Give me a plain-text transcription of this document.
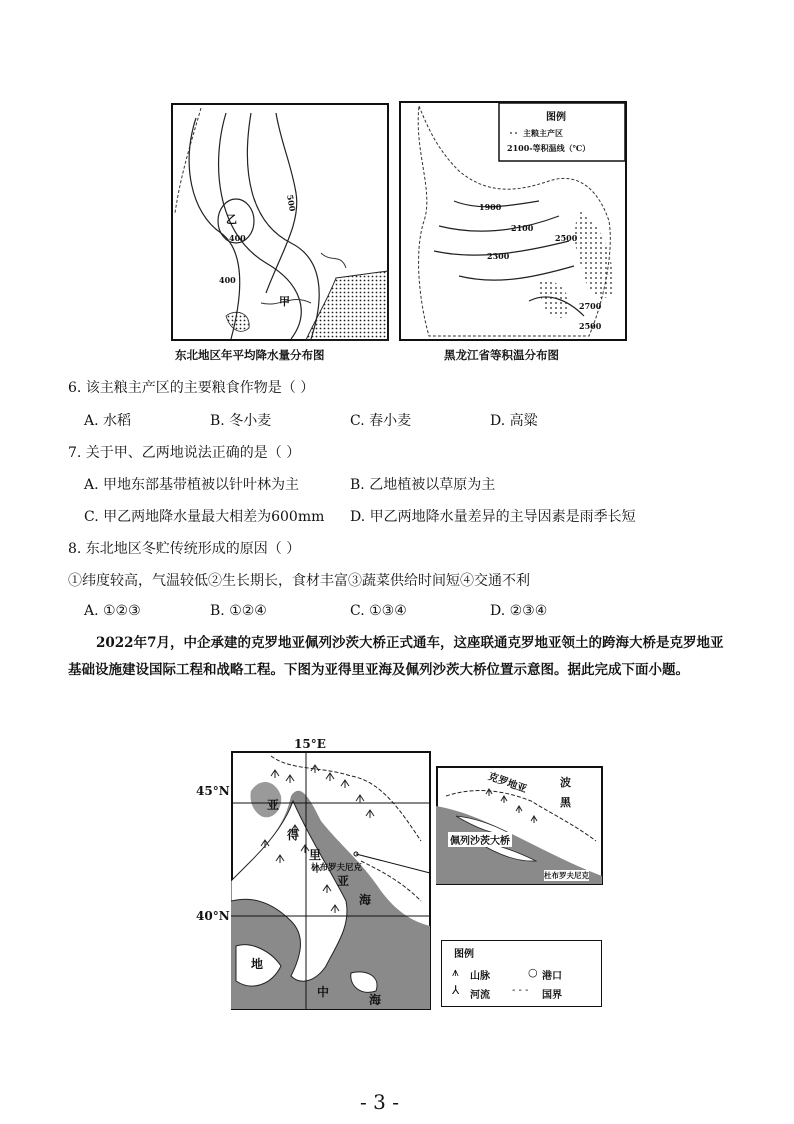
乙
甲
400
400
500
东北地区年平均降水量分布图
图例
主粮主产区
2100-等积温线（℃）
1900
2100
2300
2500
2700
2500
黑龙江省等积温分布图
6. 该主粮主产区的主要粮食作物是（ ）
A. 水稻	B. 冬小麦	C. 春小麦	D. 高粱
7. 关于甲、乙两地说法正确的是（ ）
A. 甲地东部基带植被以针叶林为主	B. 乙地植被以草原为主
C. 甲乙两地降水量最大相差为600mm D. 甲乙两地降水量差异的主导因素是雨季长短
8. 东北地区冬贮传统形成的原因（ ）
①纬度较高，气温较低②生长期长，食材丰富③蔬菜供给时间短④交通不利
A. ①②③	B. ①②④	C. ①③④	D. ②③④
2022年7月，中企承建的克罗地亚佩列沙茨大桥正式通车，这座联通克罗地亚领土的跨海大桥是克罗地亚基础设施建设国际工程和战略工程。下图为亚得里亚海及佩列沙茨大桥位置示意图。据此完成下面小题。
15°E
45°N
40°N
亚
得
里
杜布罗夫尼克
亚
海
地
中
海
克罗地亚	波
黑
佩列沙茨大桥
杜布罗夫尼克
图例
⩚ 山脉	○ 港口
⅄ 河流 - - - 国界
- 3 -
